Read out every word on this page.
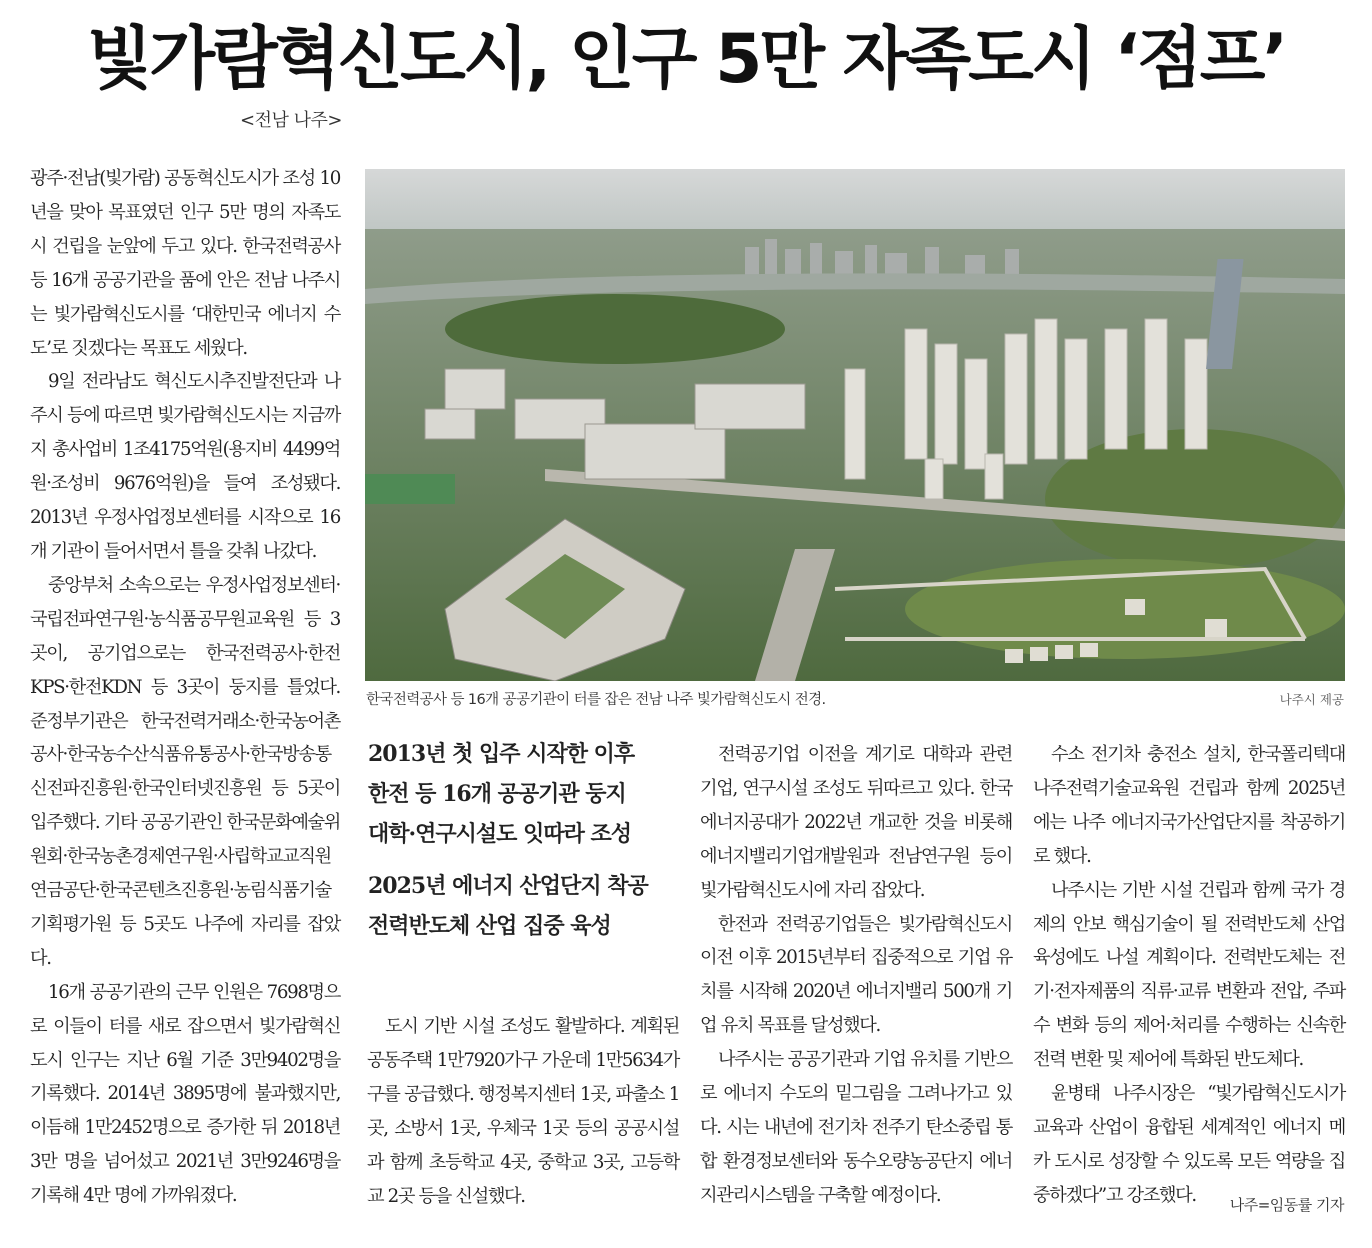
빛가람혁신도시, 인구 5만 자족도시 ‘점프’
<전남 나주>

광주·전남(빛가람) 공동혁신도시가 조성 10년을 맞아 목표였던 인구 5만 명의 자족도시 건립을 눈앞에 두고 있다. 한국전력공사 등 16개 공공기관을 품에 안은 전남 나주시는 빛가람혁신도시를 ‘대한민국 에너지 수도’로 짓겠다는 목표도 세웠다.

9일 전라남도 혁신도시추진발전단과 나주시 등에 따르면 빛가람혁신도시는 지금까지 총사업비 1조4175억원(용지비 4499억원·조성비 9676억원)을 들여 조성됐다. 2013년 우정사업정보센터를 시작으로 16개 기관이 들어서면서 틀을 갖춰 나갔다.

중앙부처 소속으로는 우정사업정보센터·국립전파연구원·농식품공무원교육원 등 3곳이, 공기업으로는 한국전력공사·한전KPS·한전KDN 등 3곳이 둥지를 틀었다. 준정부기관은 한국전력거래소·한국농어촌공사·한국농수산식품유통공사·한국방송통신전파진흥원·한국인터넷진흥원 등 5곳이 입주했다. 기타 공공기관인 한국문화예술위원회·한국농촌경제연구원·사립학교교직원연금공단·한국콘텐츠진흥원·농림식품기술기획평가원 등 5곳도 나주에 자리를 잡았다.

16개 공공기관의 근무 인원은 7698명으로 이들이 터를 새로 잡으면서 빛가람혁신도시 인구는 지난 6월 기준 3만9402명을 기록했다. 2014년 3895명에 불과했지만, 이듬해 1만2452명으로 증가한 뒤 2018년 3만 명을 넘어섰고 2021년 3만9246명을 기록해 4만 명에 가까워졌다.

한국전력공사 등 16개 공공기관이 터를 잡은 전남 나주 빛가람혁신도시 전경.	나주시 제공
2013년 첫 입주 시작한 이후
한전 등 16개 공공기관 둥지
대학·연구시설도 잇따라 조성
2025년 에너지 산업단지 착공
전력반도체 산업 집중 육성

도시 기반 시설 조성도 활발하다. 계획된 공동주택 1만7920가구 가운데 1만5634가구를 공급했다. 행정복지센터 1곳, 파출소 1곳, 소방서 1곳, 우체국 1곳 등의 공공시설과 함께 초등학교 4곳, 중학교 3곳, 고등학교 2곳 등을 신설했다.

전력공기업 이전을 계기로 대학과 관련 기업, 연구시설 조성도 뒤따르고 있다. 한국에너지공대가 2022년 개교한 것을 비롯해 에너지밸리기업개발원과 전남연구원 등이 빛가람혁신도시에 자리 잡았다.

한전과 전력공기업들은 빛가람혁신도시 이전 이후 2015년부터 집중적으로 기업 유치를 시작해 2020년 에너지밸리 500개 기업 유치 목표를 달성했다.

나주시는 공공기관과 기업 유치를 기반으로 에너지 수도의 밑그림을 그려나가고 있다. 시는 내년에 전기차 전주기 탄소중립 통합 환경정보센터와 동수오량농공단지 에너지관리시스템을 구축할 예정이다.

수소 전기차 충전소 설치, 한국폴리텍대 나주전력기술교육원 건립과 함께 2025년에는 나주 에너지국가산업단지를 착공하기로 했다.

나주시는 기반 시설 건립과 함께 국가 경제의 안보 핵심기술이 될 전력반도체 산업 육성에도 나설 계획이다. 전력반도체는 전기·전자제품의 직류·교류 변환과 전압, 주파수 변화 등의 제어·처리를 수행하는 신속한 전력 변환 및 제어에 특화된 반도체다.

윤병태 나주시장은 “빛가람혁신도시가 교육과 산업이 융합된 세계적인 에너지 메카 도시로 성장할 수 있도록 모든 역량을 집중하겠다”고 강조했다.	나주=임동률 기자
